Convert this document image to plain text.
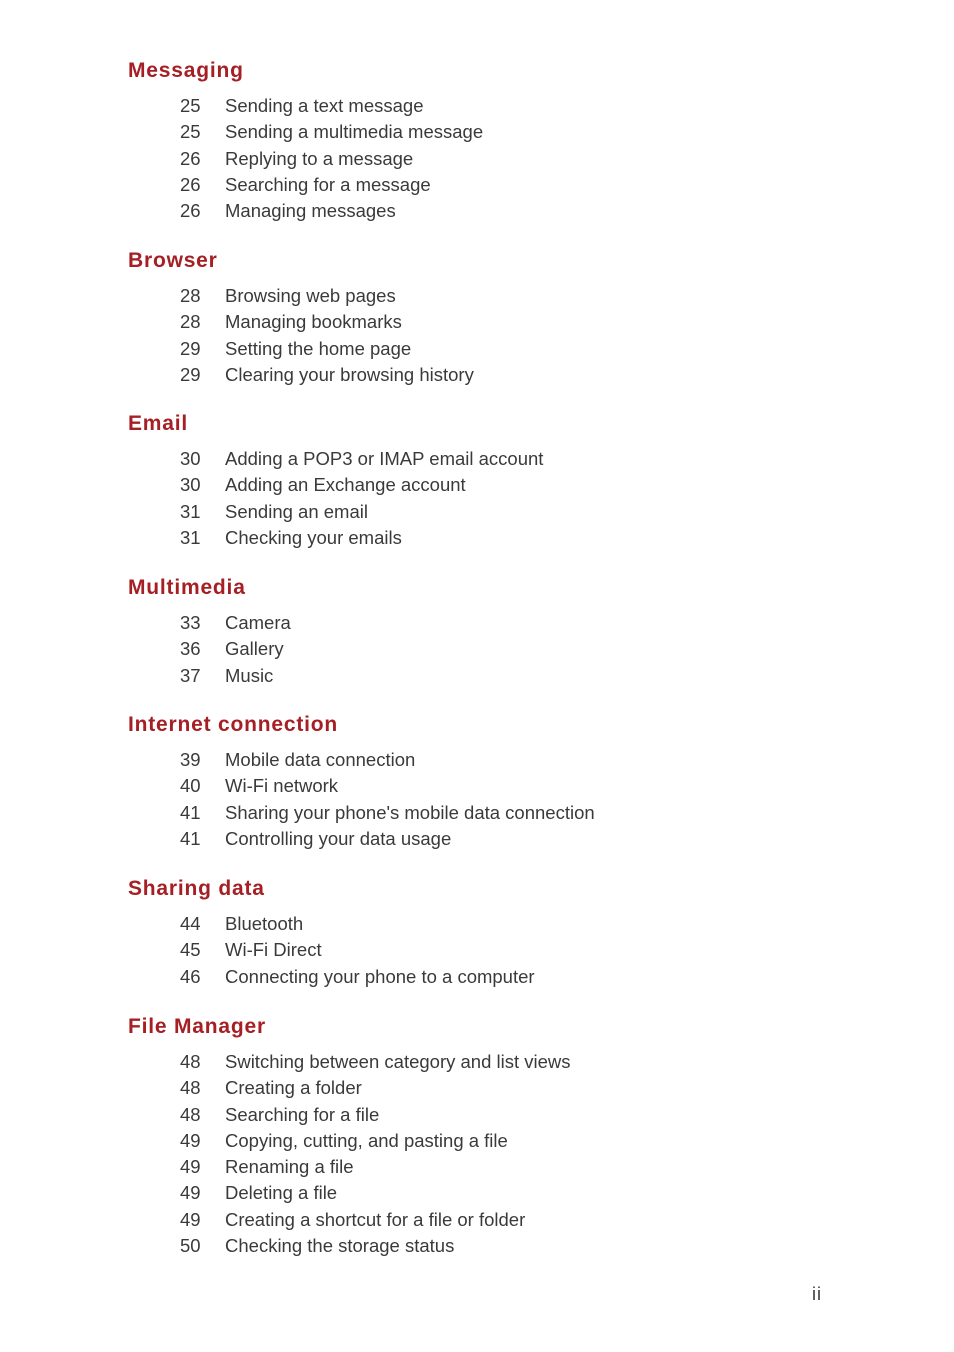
Messaging
25	Sending a text message
25	Sending a multimedia message
26	Replying to a message
26	Searching for a message
26	Managing messages
Browser
28	Browsing web pages
28	Managing bookmarks
29	Setting the home page
29	Clearing your browsing history
Email
30	Adding a POP3 or IMAP email account
30	Adding an Exchange account
31	Sending an email
31	Checking your emails
Multimedia
33	Camera
36	Gallery
37	Music
Internet connection
39	Mobile data connection
40	Wi-Fi network
41	Sharing your phone's mobile data connection
41	Controlling your data usage
Sharing data
44	Bluetooth
45	Wi-Fi Direct
46	Connecting your phone to a computer
File Manager
48	Switching between category and list views
48	Creating a folder
48	Searching for a file
49	Copying, cutting, and pasting a file
49	Renaming a file
49	Deleting a file
49	Creating a shortcut for a file or folder
50	Checking the storage status
ii
